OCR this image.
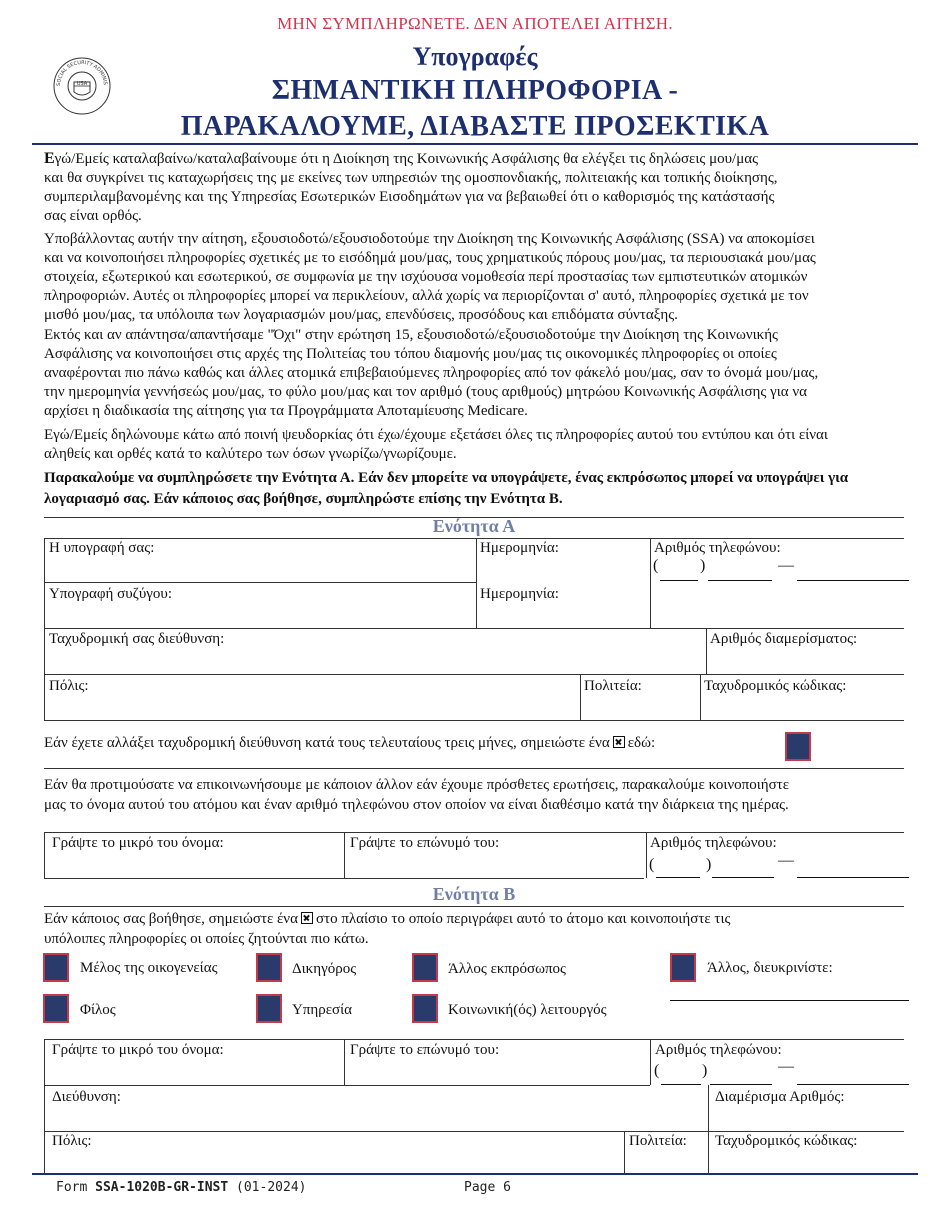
ΜΗΝ ΣΥΜΠΛΗΡΩΝΕΤΕ. ΔΕΝ ΑΠΟΤΕΛΕΙ ΑΙΤΗΣΗ.
USA
SOCIAL SECURITY ADMINIS
Υπογραφές
ΣΗΜΑΝΤΙΚΗ ΠΛΗΡΟΦΟΡΙΑ -
ΠΑΡΑΚΑΛΟΥΜΕ, ΔΙΑΒΑΣΤΕ ΠΡΟΣΕΚΤΙΚΑ
Εγώ/Εμείς καταλαβαίνω/καταλαβαίνουμε ότι η Διοίκηση της Κοινωνικής Ασφάλισης θα ελέγξει τις δηλώσεις μου/μας
και θα συγκρίνει τις καταχωρήσεις της με εκείνες των υπηρεσιών της ομοσπονδιακής, πολιτειακής και τοπικής διοίκησης,
συμπεριλαμβανομένης και της Υπηρεσίας Εσωτερικών Εισοδημάτων για να βεβαιωθεί ότι ο καθορισμός της κατάστασής
σας είναι ορθός.
Υποβάλλοντας αυτήν την αίτηση, εξουσιοδοτώ/εξουσιοδοτούμε την Διοίκηση της Κοινωνικής Ασφάλισης (SSA) να αποκομίσει
και να κοινοποιήσει πληροφορίες σχετικές με το εισόδημά μου/μας, τους χρηματικούς πόρους μου/μας, τα περιουσιακά μου/μας
στοιχεία, εξωτερικού και εσωτερικού, σε συμφωνία με την ισχύουσα νομοθεσία περί προστασίας των εμπιστευτικών ατομικών
πληροφοριών. Αυτές οι πληροφορίες μπορεί να περικλείουν, αλλά χωρίς να περιορίζονται σ' αυτό, πληροφορίες σχετικά με τον
μισθό μου/μας, τα υπόλοιπα των λογαριασμών μου/μας, επενδύσεις, προσόδους και επιδόματα σύνταξης.
Εκτός και αν απάντησα/απαντήσαμε "Όχι" στην ερώτηση 15, εξουσιοδοτώ/εξουσιοδοτούμε την Διοίκηση της Κοινωνικής
Ασφάλισης να κοινοποιήσει στις αρχές της Πολιτείας του τόπου διαμονής μου/μας τις οικονομικές πληροφορίες οι οποίες
αναφέρονται πιο πάνω καθώς και άλλες ατομικά επιβεβαιούμενες πληροφορίες από τον φάκελό μου/μας, σαν το όνομά μου/μας,
την ημερομηνία γεννήσεώς μου/μας, το φύλο μου/μας και τον αριθμό (τους αριθμούς) μητρώου Κοινωνικής Ασφάλισης για να
αρχίσει η διαδικασία της αίτησης για τα Προγράμματα Αποταμίευσης Medicare.
Εγώ/Εμείς δηλώνουμε κάτω από ποινή ψευδορκίας ότι έχω/έχουμε εξετάσει όλες τις πληροφορίες αυτού του εντύπου και ότι είναι
αληθείς και ορθές κατά το καλύτερο των όσων γνωρίζω/γνωρίζουμε.
Παρακαλούμε να συμπληρώσετε την Ενότητα Α. Εάν δεν μπορείτε να υπογράψετε, ένας εκπρόσωπος μπορεί να υπογράψει για
λογαριασμό σας. Εάν κάποιος σας βοήθησε, συμπληρώστε επίσης την Ενότητα Β.
Ενότητα Α
Η υπογραφή σας:	Ημερομηνία:	Αριθμός τηλεφώνου:
(	)	—
Υπογραφή συζύγου:	Ημερομηνία:
Ταχυδρομική σας διεύθυνση:	Αριθμός διαμερίσματος:
Πόλις:	Πολιτεία:	Ταχυδρομικός κώδικας:
Εάν έχετε αλλάξει ταχυδρομική διεύθυνση κατά τους τελευταίους τρεις μήνες, σημειώστε ένα εδώ:
Εάν θα προτιμούσατε να επικοινωνήσουμε με κάποιον άλλον εάν έχουμε πρόσθετες ερωτήσεις, παρακαλούμε κοινοποιήστε
μας το όνομα αυτού του ατόμου και έναν αριθμό τηλεφώνου στον οποίον να είναι διαθέσιμο κατά την διάρκεια της ημέρας.
Γράψτε το μικρό του όνομα:	Γράψτε το επώνυμό του:	Αριθμός τηλεφώνου:
(	)	—
Ενότητα Β
Εάν κάποιος σας βοήθησε, σημειώστε ένα στο πλαίσιο το οποίο περιγράφει αυτό το άτομο και κοινοποιήστε τις
υπόλοιπες πληροφορίες οι οποίες ζητούνται πιο κάτω.
Μέλος της οικογενείας	Δικηγόρος	Άλλος εκπρόσωπος	Άλλος, διευκρινίστε:
Φίλος	Υπηρεσία	Κοινωνική(ός) λειτουργός
Γράψτε το μικρό του όνομα:	Γράψτε το επώνυμό του:	Αριθμός τηλεφώνου:
(	)	—
Διεύθυνση:	Διαμέρισμα Αριθμός:
Πόλις:	Πολιτεία: Ταχυδρομικός κώδικας:
Form SSA-1020B-GR-INST (01-2024)	Page 6
